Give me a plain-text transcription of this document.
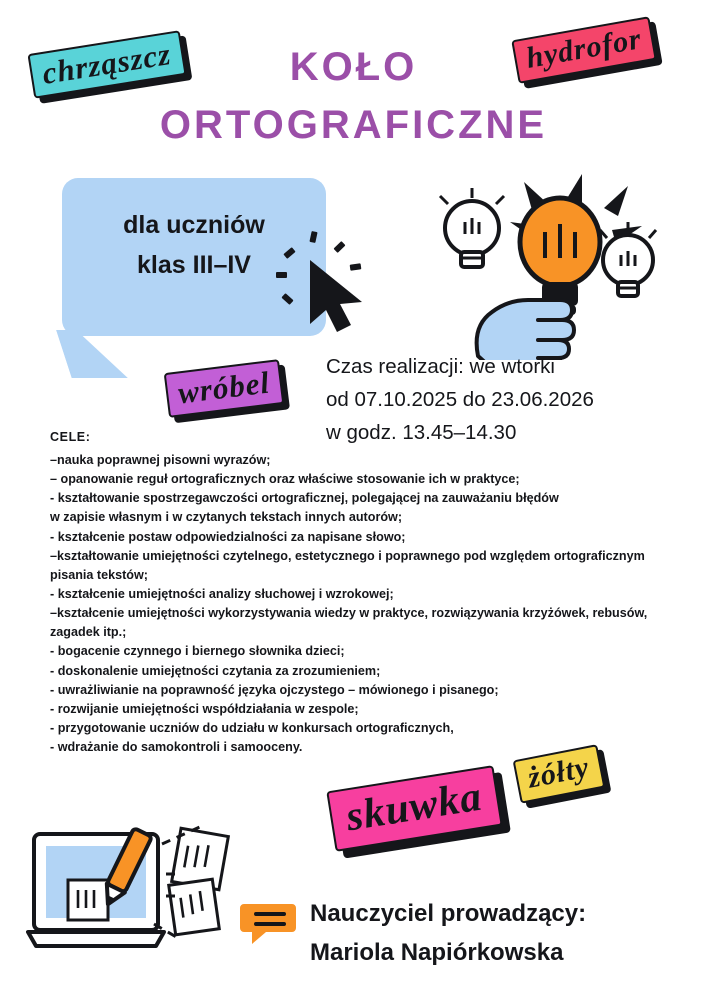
KOŁO
ORTOGRAFICZNE
chrząszcz	hydrofor
wróbel
żółty
skuwka
dla uczniów
klas III–IV
Czas realizacji: we wtorki
od 07.10.2025 do 23.06.2026
w godz. 13.45–14.30
CELE:
–nauka poprawnej pisowni wyrazów;
– opanowanie reguł ortograficznych oraz właściwe stosowanie ich w praktyce;
- kształtowanie spostrzegawczości ortograficznej, polegającej na zauważaniu błędów
w zapisie własnym i w czytanych tekstach innych autorów;
- kształcenie postaw odpowiedzialności za napisane słowo;
–kształtowanie umiejętności czytelnego, estetycznego i poprawnego pod względem ortograficznym pisania tekstów;
- kształcenie umiejętności analizy słuchowej i wzrokowej;
–kształcenie umiejętności wykorzystywania wiedzy w praktyce, rozwiązywania krzyżówek, rebusów, zagadek itp.;
- bogacenie czynnego i biernego słownika dzieci;
- doskonalenie umiejętności czytania za zrozumieniem;
- uwrażliwianie na poprawność języka ojczystego – mówionego i pisanego;
- rozwijanie umiejętności współdziałania w zespole;
- przygotowanie uczniów do udziału w konkursach ortograficznych,
- wdrażanie do samokontroli i samooceny.
Nauczyciel prowadzący:
Mariola Napiórkowska
